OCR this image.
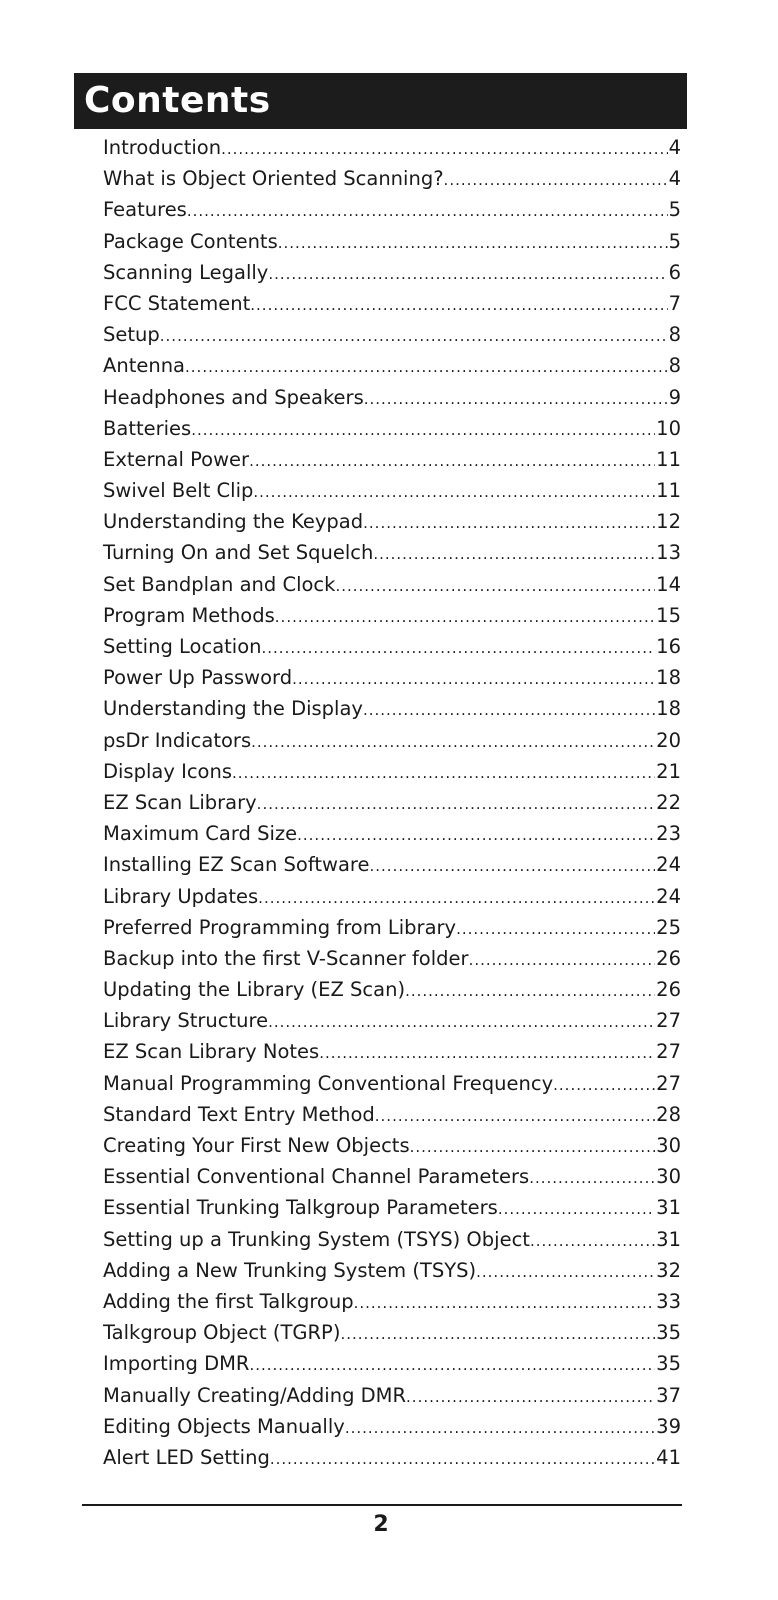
Contents
Introduction .....	4
What is Object Oriented Scanning? .....	4
Features .....	5
Package Contents .....	5
Scanning Legally .....	6
FCC Statement .....	7
Setup .....	8
Antenna .....	8
Headphones and Speakers .....	9
Batteries .....	10
External Power .....	11
Swivel Belt Clip .....	11
Understanding the Keypad .....	12
Turning On and Set Squelch .....	13
Set Bandplan and Clock .....	14
Program Methods .....	15
Setting Location .....	16
Power Up Password .....	18
Understanding the Display .....	18
psDr Indicators .....	20
Display Icons .....	21
EZ Scan Library .....	22
Maximum Card Size .....	23
Installing EZ Scan Software .....	24
Library Updates .....	24
Preferred Programming from Library .....	25
Backup into the first V-Scanner folder .....	26
Updating the Library (EZ Scan) .....	26
Library Structure .....	27
EZ Scan Library Notes .....	27
Manual Programming Conventional Frequency .....	27
Standard Text Entry Method .....	28
Creating Your First New Objects .....	30
Essential Conventional Channel Parameters .....	30
Essential Trunking Talkgroup Parameters .....	31
Setting up a Trunking System (TSYS) Object .....	31
Adding a New Trunking System (TSYS) .....	32
Adding the first Talkgroup .....	33
Talkgroup Object (TGRP) .....	35
Importing DMR .....	35
Manually Creating/Adding DMR .....	37
Editing Objects Manually .....	39
Alert LED Setting .....	41
2
